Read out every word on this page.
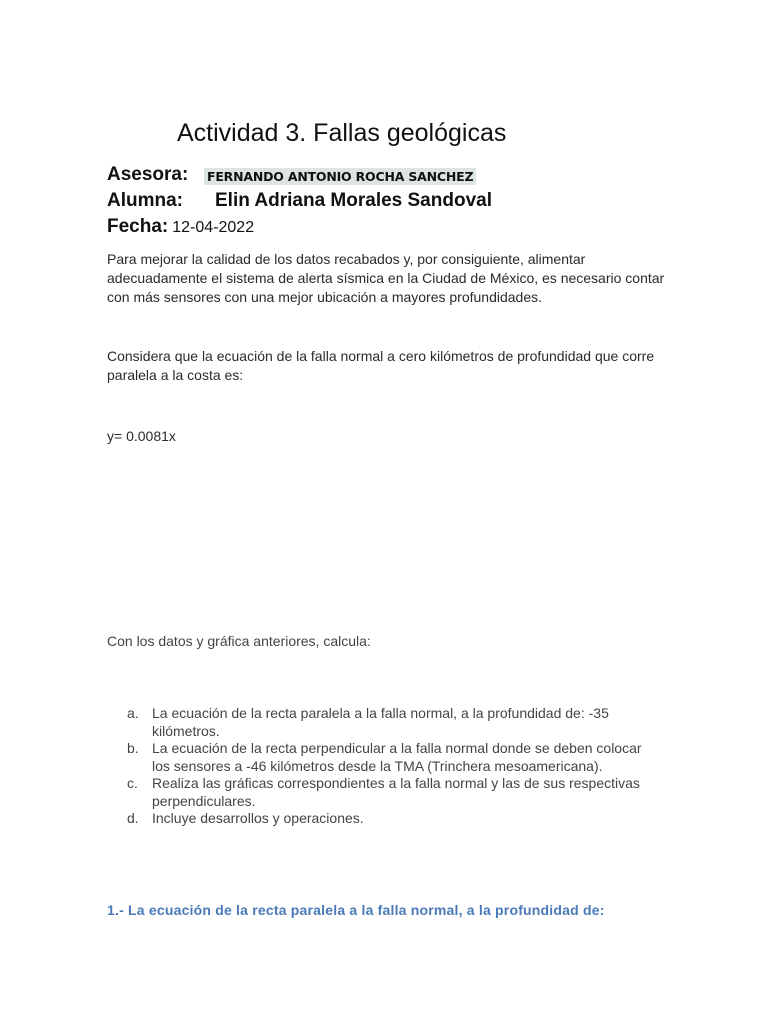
Actividad 3. Fallas geológicas
Asesora: FERNANDO ANTONIO ROCHA SANCHEZ
Alumna: Elin Adriana Morales Sandoval
Fecha: 12-04-2022

Para mejorar la calidad de los datos recabados y, por consiguiente, alimentar adecuadamente el sistema de alerta sísmica en la Ciudad de México, es necesario contar con más sensores con una mejor ubicación a mayores profundidades.

Considera que la ecuación de la falla normal a cero kilómetros de profundidad que corre paralela a la costa es:

y= 0.0081x

Con los datos y gráfica anteriores, calcula:

a. La ecuación de la recta paralela a la falla normal, a la profundidad de: -35 kilómetros.
b. La ecuación de la recta perpendicular a la falla normal donde se deben colocar los sensores a -46 kilómetros desde la TMA (Trinchera mesoamericana).
c. Realiza las gráficas correspondientes a la falla normal y las de sus respectivas perpendiculares.
d. Incluye desarrollos y operaciones.
1.- La ecuación de la recta paralela a la falla normal, a la profundidad de:
